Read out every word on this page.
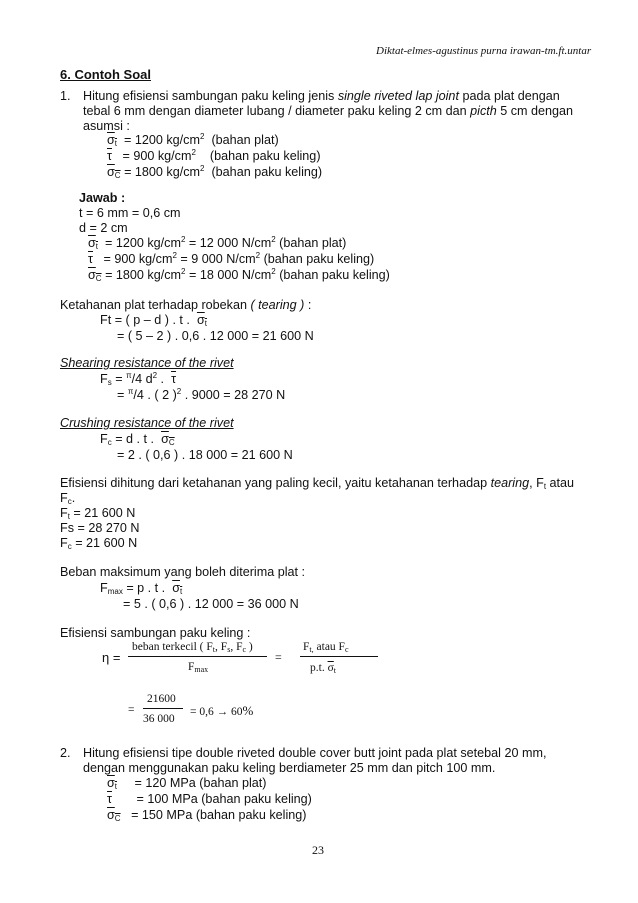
Diktat-elmes-agustinus purna irawan-tm.ft.untar
6. Contoh Soal
1. Hitung efisiensi sambungan paku keling jenis single riveted lap joint pada plat dengan
tebal 6 mm dengan diameter lubang / diameter paku keling 2 cm dan picth 5 cm dengan
asumsi :
$\sigma_t = 1200$ $kg/cm^2$ (bahan plat)
$\overline{\tau} = 900$ $kg/cm^2$ (bahan paku keling)
$\sigma_C = 1800$ $kg/cm^2$ (bahan paku keling)
Jawab :
t = 6 mm = 0,6 cm
d = 2 cm
$\sigma_t = 1200$ $kg/cm^2 = 12$ 000 $N/cm^2$ (bahan plat)
$\overline{\tau} = 900$ $kg/cm^2 = 9$ 000 $N/cm^2$ (bahan paku keling)
$\sigma_C = 1800$ $kg/cm^2 = 18$ 000 $N/cm^2$ (bahan paku keling)
Ketahanan plat terhadap robekan ( tearing ) :
Ft = ( p – d ) . t . $\sigma_t$
= ( 5 – 2 ) . 0,6 . 12 000 = 21 600 N
Shearing resistance of the rivet
$F_s = ^\pi/4$ $d^2$ .  $\overline{\tau}$
= $^\pi$/4 . ( 2 )$^2$ . 9000 = 28 270 N
Crushing resistance of the rivet
$F_c = d$ . t . $\sigma_C$
= 2 . ( 0,6 ) . 18 000 = 21 600 N
Efisiensi dihitung dari ketahanan yang paling kecil, yaitu ketahanan terhadap tearing, $F_t$ atau
$F_c$.
$F_t = 21$ 600 N
Fs = 28 270 N
$F_c = 21$ 600 N
Beban maksimum yang boleh diterima plat :
$F_{max} = p$ . t . $\sigma_t$
= 5 . ( 0,6 ) . 12 000 = 36 000 N
Efisiensi sambungan paku keling :
η =
beban terkecil ( $F_t$, $F_s$, $F_c$ )
$F_{max}$
=
$F_{t,}$ atau $F_c$
p.t. $\overline{\sigma}_t$
=
21600
36 000
= 0,6 → 60%
2. Hitung efisiensi tipe double riveted double cover butt joint pada plat setebal 20 mm,
dengan menggunakan paku keling berdiameter 25 mm dan pitch 100 mm.
$\sigma_t = 120$ MPa (bahan plat)
$\overline{\tau} = 100$ MPa (bahan paku keling)
$\sigma_C = 150$ MPa (bahan paku keling)
23
